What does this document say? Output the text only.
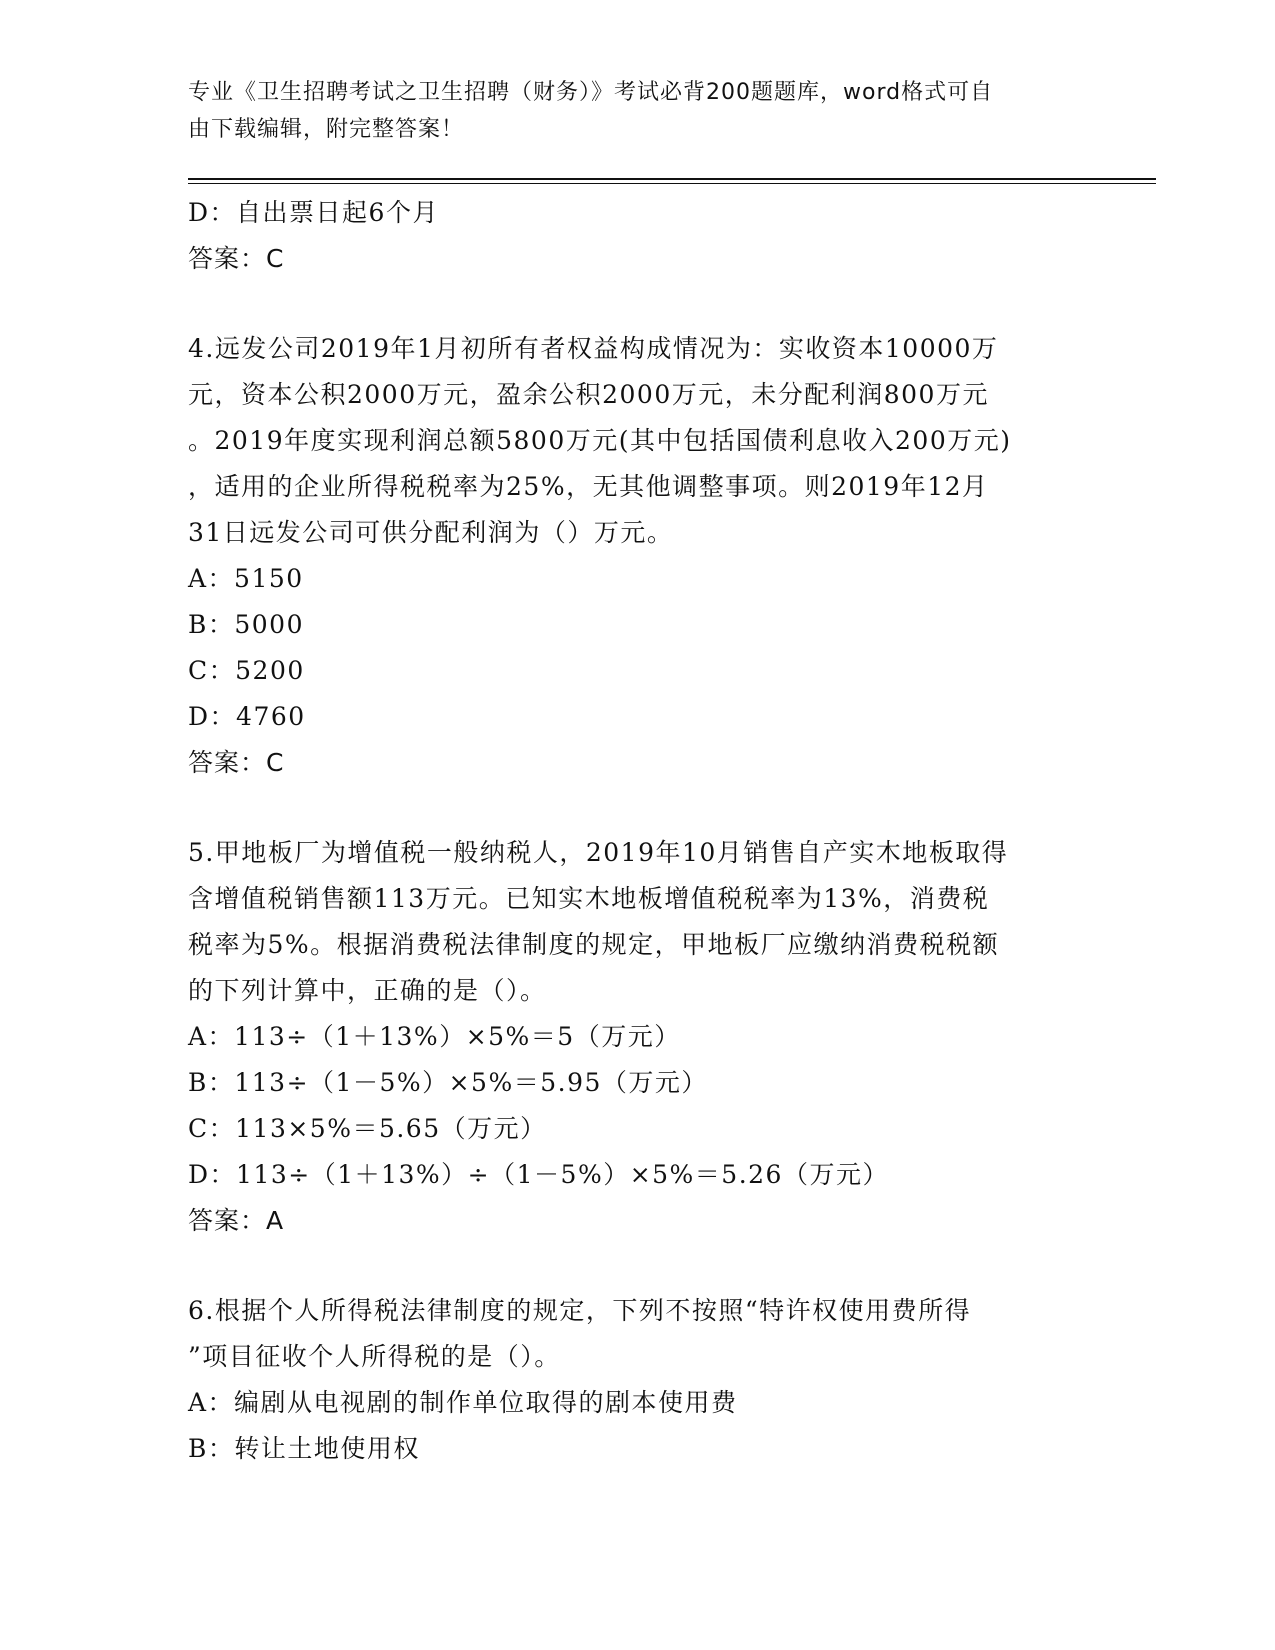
专业《卫生招聘考试之卫生招聘（财务）》考试必背200题题库，word格式可自
由下载编辑，附完整答案！
D：自出票日起6个月
答案：C
4.远发公司2019年1月初所有者权益构成情况为：实收资本10000万
元，资本公积2000万元，盈余公积2000万元，未分配利润800万元
。2019年度实现利润总额5800万元(其中包括国债利息收入200万元)
，适用的企业所得税税率为25%，无其他调整事项。则2019年12月
31日远发公司可供分配利润为（）万元。
A：5150
B：5000
C：5200
D：4760
答案：C
5.甲地板厂为增值税一般纳税人，2019年10月销售自产实木地板取得
含增值税销售额113万元。已知实木地板增值税税率为13%，消费税
税率为5%。根据消费税法律制度的规定，甲地板厂应缴纳消费税税额
的下列计算中，正确的是（）。
A：113÷（1＋13%）×5%＝5（万元）
B：113÷（1－5%）×5%＝5.95（万元）
C：113×5%＝5.65（万元）
D：113÷（1＋13%）÷（1－5%）×5%＝5.26（万元）
答案：A
6.根据个人所得税法律制度的规定，下列不按照“特许权使用费所得
”项目征收个人所得税的是（）。
A：编剧从电视剧的制作单位取得的剧本使用费
B：转让土地使用权
